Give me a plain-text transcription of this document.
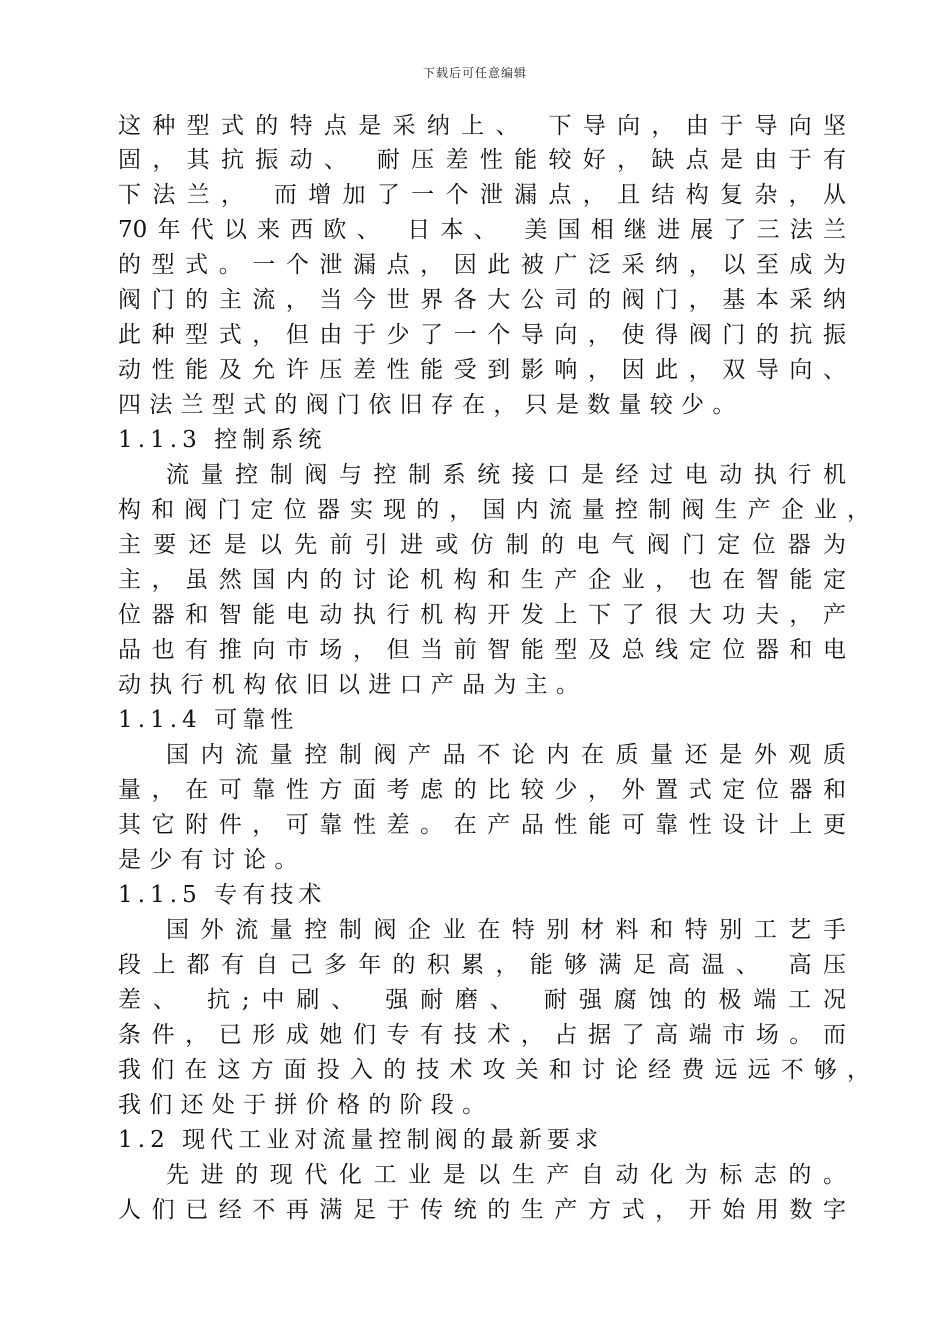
下载后可任意编辑
这种型式的特点是采纳上、 下导向，由于导向坚
固，其抗振动、 耐压差性能较好，缺点是由于有
下法兰， 而增加了一个泄漏点，且结构复杂，从
70年代以来西欧、 日本、 美国相继进展了三法兰
的型式。一个泄漏点，因此被广泛采纳，以至成为
阀门的主流，当今世界各大公司的阀门，基本采纳
此种型式，但由于少了一个导向，使得阀门的抗振
动性能及允许压差性能受到影响，因此，双导向、
四法兰型式的阀门依旧存在，只是数量较少。
1.1.3 控制系统
流量控制阀与控制系统接口是经过电动执行机
构和阀门定位器实现的，国内流量控制阀生产企业，
主要还是以先前引进或仿制的电气阀门定位器为
主，虽然国内的讨论机构和生产企业，也在智能定
位器和智能电动执行机构开发上下了很大功夫，产
品也有推向市场，但当前智能型及总线定位器和电
动执行机构依旧以进口产品为主。
1.1.4 可靠性
国内流量控制阀产品不论内在质量还是外观质
量，在可靠性方面考虑的比较少，外置式定位器和
其它附件，可靠性差。在产品性能可靠性设计上更
是少有讨论。
1.1.5 专有技术
国外流量控制阀企业在特别材料和特别工艺手
段上都有自己多年的积累，能够满足高温、 高压
差、 抗;中刷、 强耐磨、 耐强腐蚀的极端工况
条件，已形成她们专有技术，占据了高端市场。而
我们在这方面投入的技术攻关和讨论经费远远不够，
我们还处于拼价格的阶段。
1.2 现代工业对流量控制阀的最新要求
先进的现代化工业是以生产自动化为标志的。
人们已经不再满足于传统的生产方式，开始用数字
